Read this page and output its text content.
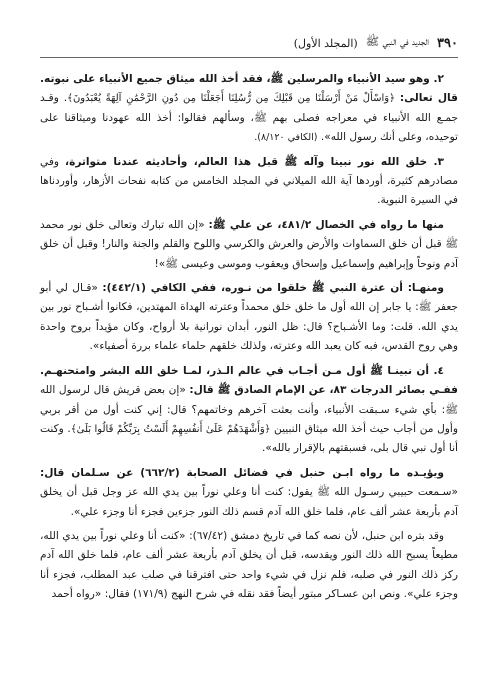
٣٩٠
الجديد في النبي ﷺ
(المجلد الأول)

٢. وهو سيد الأنبياء والمرسلين ﷺ، فقد أخذ الله ميثاق جميع الأنبياء على نبوته. قال تعالى: ﴿وَاسْأَلْ مَنْ أَرْسَلْنَا مِن قَبْلِكَ مِن رُّسُلِنَا أَجَعَلْنَا مِن دُونِ الرَّحْمَٰنِ آلِهَةً يُعْبَدُونَ﴾. وقـد جمـع الله الأنبياء في معراجه فصلى بهم ﷺ، وسألهم فقالوا: أخذ الله عهودنا وميثاقنا على توحيده، وعلى أنك رسول الله». (الكافي ٨/١٢٠).

٣. خلق الله نور نبينا وآله ﷺ قبل هذا العالم، وأحاديثه عندنا متواترة، وفي مصادرهم كثيرة، أوردها آية الله الميلاني في المجلد الخامس من كتابه نفحات الأزهار، وأوردناها في السيرة النبوية.

منها ما رواه في الخصال ٤٨١/٢، عن علي ﷺ: «إن الله تبارك وتعالى خلق نور محمد ﷺ قبل أن خلق السماوات والأرض والعرش والكرسي واللوح والقلم والجنة والنار! وقبل أن خلق آدم ونوحاً وإبراهيم وإسماعيل وإسحاق ويعقوب وموسى وعيسى ﷺ»!

ومنهـا: أن عترة النبي ﷺ خلقوا من نـوره، ففي الكافي (٤٤٢/١): «قـال لي أبو جعفر ﷺ: يا جابر إن الله أول ما خلق خلق محمداً وعترته الهداة المهتدين، فكانوا أشـباح نور بين يدي الله. قلت: وما الأشـباح؟ قال: ظل النور، أبدان نورانية بلا أرواح، وكان مؤيداً بروح واحدة وهي روح القدس، فبه كان يعبد الله وعترته، ولذلك خلقهم حلماء علماء بررة أصفياء».

٤. أن نبينـا ﷺ أول مـن أجـاب في عالم الـذر، لمـا خلق الله البشر وامتحنهـم. ففـي بصائر الدرجات ٨٣، عن الإمام الصادق ﷺ قال: «إن بعض قريش قال لرسول الله ﷺ: بأي شيء سـبقت الأنبياء، وأنت بعثت آخرهم وخاتمهم؟ قال: إني كنت أول من أقر بربي وأول من أجاب حيث أخذ الله ميثاق النبيين ﴿وَأَشْهَدَهُمْ عَلَىٰ أَنفُسِهِمْ أَلَسْتُ بِرَبِّكُمْ قَالُوا بَلَىٰ﴾. وكنت أنا أول نبي قال بلى، فسبقتهم بالإقرار بالله».

ويؤيـده ما رواه ابـن حنبل في فضائل الصحابة (٦٦٢/٢) عن سـلمان قال: «سـمعت حبيبي رسـول الله ﷺ يقول: كنت أنا وعلي نوراً بين يدي الله عز وجل قبل أن يخلق آدم بأربعة عشر ألف عام، فلما خلق الله آدم قسم ذلك النور جزءين فجزء أنا وجزء علي».

وقد بتره ابن حنبل، لأن نصه كما في تاريخ دمشق (٦٧/٤٢): «كنت أنا وعلي نوراً بين يدي الله، مطيعاً يسبح الله ذلك النور ويقدسه، قبل أن يخلق آدم بأربعة عشر ألف عام، فلما خلق الله آدم ركز ذلك النور في صلبه، فلم نزل في شيء واحد حتى افترقنا في صلب عبد المطلب، فجزء أنا وجزء علي». ونص ابن عسـاكر مبتور أيضاً فقد نقله في شرح النهج (١٧١/٩) فقال: «رواه أحمد
